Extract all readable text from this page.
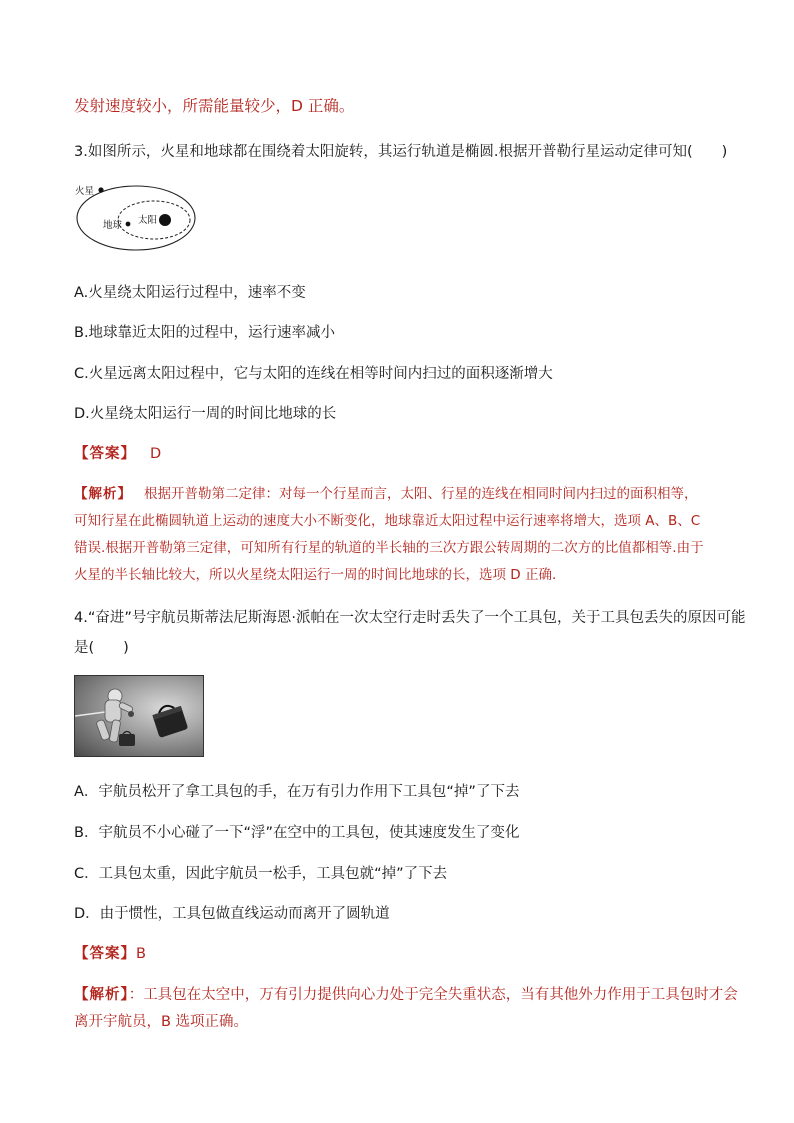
发射速度较小，所需能量较少，D 正确。
3.如图所示，火星和地球都在围绕着太阳旋转，其运行轨道是椭圆.根据开普勒行星运动定律可知(　　)
火星
地球 太阳
A.火星绕太阳运行过程中，速率不变
B.地球靠近太阳的过程中，运行速率减小
C.火星远离太阳过程中，它与太阳的连线在相等时间内扫过的面积逐渐增大
D.火星绕太阳运行一周的时间比地球的长
【答案】 D
【解析】 根据开普勒第二定律：对每一个行星而言，太阳、行星的连线在相同时间内扫过的面积相等，
可知行星在此椭圆轨道上运动的速度大小不断变化，地球靠近太阳过程中运行速率将增大，选项 A、B、C
错误.根据开普勒第三定律，可知所有行星的轨道的半长轴的三次方跟公转周期的二次方的比值都相等.由于
火星的半长轴比较大，所以火星绕太阳运行一周的时间比地球的长，选项 D 正确.
4.“奋进”号宇航员斯蒂法尼斯海恩·派帕在一次太空行走时丢失了一个工具包，关于工具包丢失的原因可能
是(　　)
A．宇航员松开了拿工具包的手，在万有引力作用下工具包“掉”了下去
B．宇航员不小心碰了一下“浮”在空中的工具包，使其速度发生了变化
C．工具包太重，因此宇航员一松手，工具包就“掉”了下去
D．由于惯性，工具包做直线运动而离开了圆轨道
【答案】B
【解析】：工具包在太空中，万有引力提供向心力处于完全失重状态，当有其他外力作用于工具包时才会
离开宇航员，B 选项正确。
